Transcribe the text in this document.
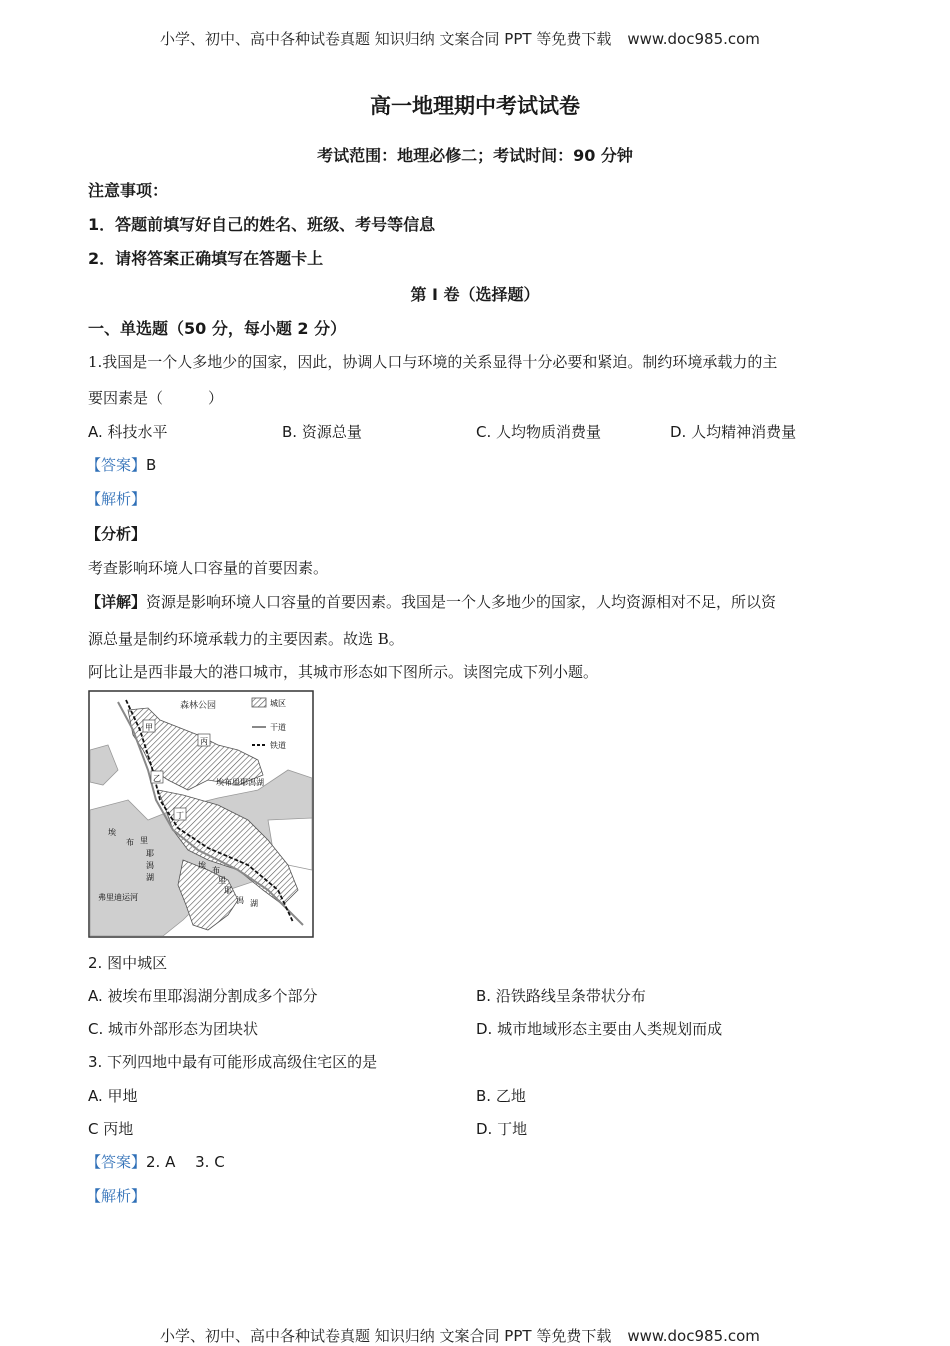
小学、初中、高中各种试卷真题 知识归纳 文案合同 PPT 等免费下载 www.doc985.com
高一地理期中考试试卷
考试范围：地理必修二；考试时间：90 分钟
注意事项：
1．答题前填写好自己的姓名、班级、考号等信息
2．请将答案正确填写在答题卡上
第 I 卷（选择题）
一、单选题（50 分，每小题 2 分）
1.我国是一个人多地少的国家，因此，协调人口与环境的关系显得十分必要和紧迫。制约环境承载力的主
要因素是（　　　）
A. 科技水平	B. 资源总量	C. 人均物质消费量	D. 人均精神消费量
【答案】B
【解析】
【分析】
考查影响环境人口容量的首要因素。
【详解】资源是影响环境人口容量的首要因素。我国是一个人多地少的国家，人均资源相对不足，所以资
源总量是制约环境承载力的主要因素。故选 B。
阿比让是西非最大的港口城市，其城市形态如下图所示。读图完成下列小题。
森林公园	城区
干道
铁道
甲
丙
乙
丁
埃布里耶潟湖
埃
布 里
耶
潟
湖
埃
布
里
耶
潟 湖
弗里迪运河
2. 图中城区
A. 被埃布里耶潟湖分割成多个部分	B. 沿铁路线呈条带状分布
C. 城市外部形态为团块状	D. 城市地域形态主要由人类规划而成
3. 下列四地中最有可能形成高级住宅区的是
A. 甲地	B. 乙地
C 丙地	D. 丁地
【答案】2. A　 3. C
【解析】
小学、初中、高中各种试卷真题 知识归纳 文案合同 PPT 等免费下载 www.doc985.com
